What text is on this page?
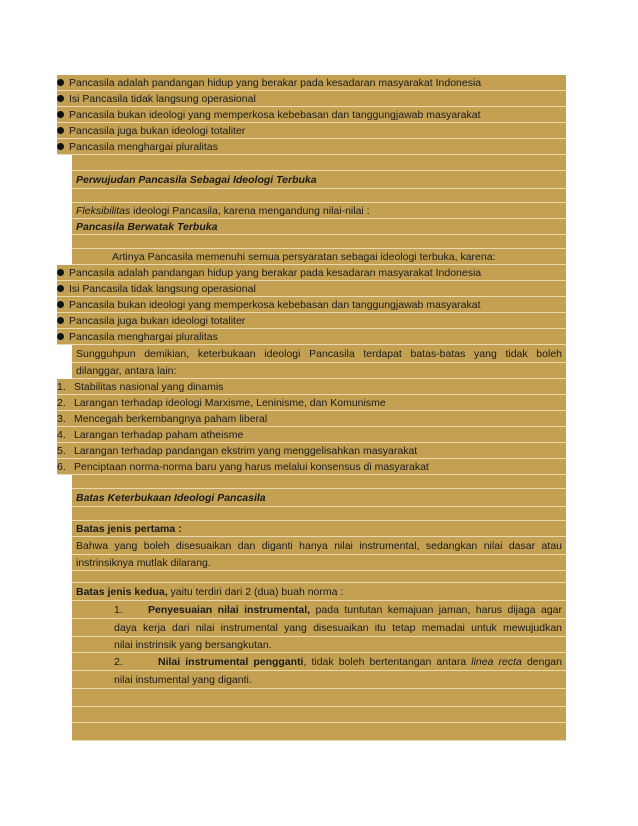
Pancasila adalah pandangan hidup yang berakar pada kesadaran masyarakat Indonesia
Isi Pancasila tidak langsung operasional
Pancasila bukan ideologi yang memperkosa kebebasan dan tanggungjawab masyarakat
Pancasila juga bukan ideologi totaliter
Pancasila menghargai pluralitas
Perwujudan Pancasila Sebagai Ideologi Terbuka
Fleksibilitas ideologi Pancasila, karena mengandung nilai-nilai :
Pancasila Berwatak Terbuka
Artinya Pancasila memenuhi semua persyaratan sebagai ideologi terbuka, karena:
Pancasila adalah pandangan hidup yang berakar pada kesadaran masyarakat Indonesia
Isi Pancasila tidak langsung operasional
Pancasila bukan ideologi yang memperkosa kebebasan dan tanggungjawab masyarakat
Pancasila juga bukan ideologi totaliter
Pancasila menghargai pluralitas
Sungguhpun demikian, keterbukaan ideologi Pancasila terdapat batas-batas yang tidak boleh
dilanggar, antara lain:
1. Stabilitas nasional yang dinamis
2. Larangan terhadap ideologi Marxisme, Leninisme, dan Komunisme
3. Mencegah berkembangnya paham liberal
4. Larangan terhadap paham atheisme
5. Larangan terhadap pandangan ekstrim yang menggelisahkan masyarakat
6. Penciptaan norma-norma baru yang harus melalui konsensus di masyarakat
Batas Keterbukaan Ideologi Pancasila
Batas jenis pertama :
Bahwa yang boleh disesuaikan dan diganti hanya nilai instrumental, sedangkan nilai dasar atau
instrinsiknya mutlak dilarang.
Batas jenis kedua, yaitu terdiri dari 2 (dua) buah norma :
1. Penyesuaian nilai instrumental, pada tuntutan kemajuan jaman, harus dijaga agar
daya kerja dari nilai instrumental yang disesuaikan itu tetap memadai untuk mewujudkan
nilai instrinsik yang bersangkutan.
2.	Nilai instrumental pengganti, tidak boleh bertentangan antara linea recta dengan
nilai instumental yang diganti.
